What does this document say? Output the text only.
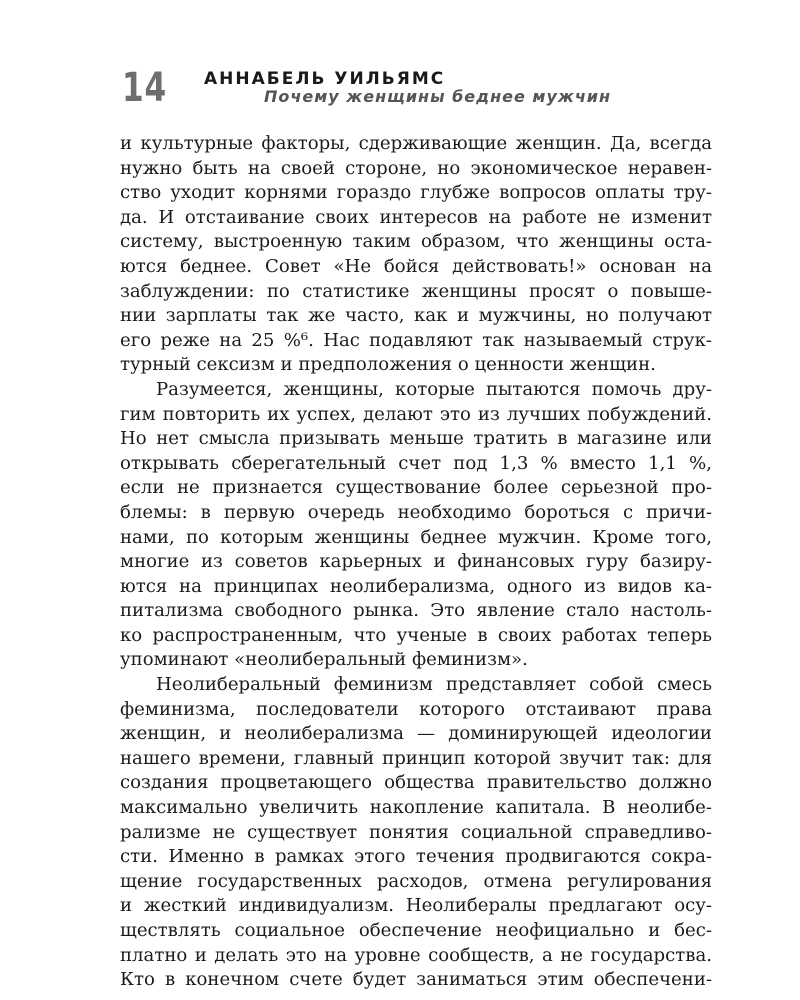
14 АННАБЕЛЬ УИЛЬЯМС
Почему женщины беднее мужчин
и культурные факторы, сдерживающие женщин. Да, всегда
нужно быть на своей стороне, но экономическое неравен-
ство уходит корнями гораздо глубже вопросов оплаты тру-
да. И отстаивание своих интересов на работе не изменит
систему, выстроенную таким образом, что женщины оста-
ются беднее. Совет «Не бойся действовать!» основан на
заблуждении: по статистике женщины просят о повыше-
нии зарплаты так же часто, как и мужчины, но получают
его реже на 25 %⁶. Нас подавляют так называемый струк-
турный сексизм и предположения о ценности женщин.
Разумеется, женщины, которые пытаются помочь дру-
гим повторить их успех, делают это из лучших побуждений.
Но нет смысла призывать меньше тратить в магазине или
открывать сберегательный счет под 1,3 % вместо 1,1 %,
если не признается существование более серьезной про-
блемы: в первую очередь необходимо бороться с причи-
нами, по которым женщины беднее мужчин. Кроме того,
многие из советов карьерных и финансовых гуру базиру-
ются на принципах неолиберализма, одного из видов ка-
питализма свободного рынка. Это явление стало настоль-
ко распространенным, что ученые в своих работах теперь
упоминают «неолиберальный феминизм».
Неолиберальный феминизм представляет собой смесь
феминизма, последователи которого отстаивают права
женщин, и неолиберализма — доминирующей идеологии
нашего времени, главный принцип которой звучит так: для
создания процветающего общества правительство должно
максимально увеличить накопление капитала. В неолибе-
рализме не существует понятия социальной справедливо-
сти. Именно в рамках этого течения продвигаются сокра-
щение государственных расходов, отмена регулирования
и жесткий индивидуализм. Неолибералы предлагают осу-
ществлять социальное обеспечение неофициально и бес-
платно и делать это на уровне сообществ, а не государства.
Кто в конечном счете будет заниматься этим обеспечени-
